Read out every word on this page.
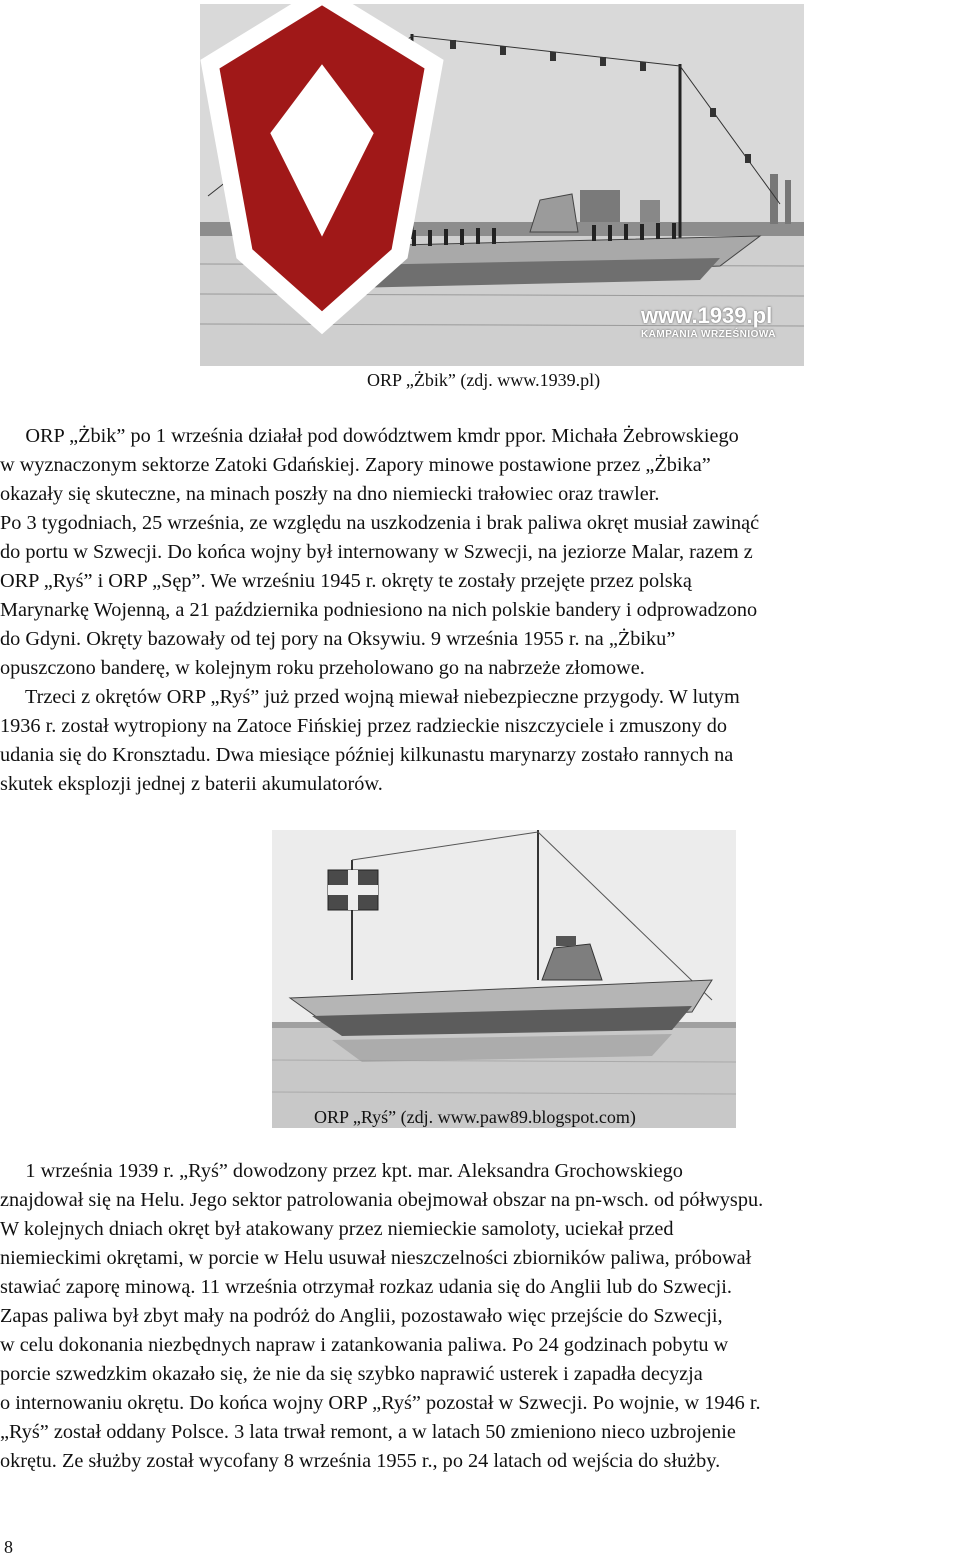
www.1939.pl
KAMPANIA WRZEŚNIOWA
ORP „Żbik” (zdj. www.1939.pl)
ORP „Żbik” po 1 września działał pod dowództwem kmdr ppor. Michała Żebrowskiego
w wyznaczonym sektorze Zatoki Gdańskiej. Zapory minowe postawione przez „Żbika”
okazały się skuteczne, na minach poszły na dno niemiecki trałowiec oraz trawler.
Po 3 tygodniach, 25 września, ze względu na uszkodzenia i brak paliwa okręt musiał zawinąć
do portu w Szwecji. Do końca wojny był internowany w Szwecji, na jeziorze Malar, razem z
ORP „Ryś” i ORP „Sęp”. We wrześniu 1945 r. okręty te zostały przejęte przez polską
Marynarkę Wojenną, a 21 października podniesiono na nich polskie bandery i odprowadzono
do Gdyni. Okręty bazowały od tej pory na Oksywiu. 9 września 1955 r. na „Żbiku”
opuszczono banderę, w kolejnym roku przeholowano go na nabrzeże złomowe.
Trzeci z okrętów ORP „Ryś” już przed wojną miewał niebezpieczne przygody. W lutym
1936 r. został wytropiony na Zatoce Fińskiej przez radzieckie niszczyciele i zmuszony do
udania się do Kronsztadu. Dwa miesiące później kilkunastu marynarzy zostało rannych na
skutek eksplozji jednej z baterii akumulatorów.
ORP „Ryś” (zdj. www.paw89.blogspot.com)
1 września 1939 r. „Ryś” dowodzony przez kpt. mar. Aleksandra Grochowskiego
znajdował się na Helu. Jego sektor patrolowania obejmował obszar na pn-wsch. od półwyspu.
W kolejnych dniach okręt był atakowany przez niemieckie samoloty, uciekał przed
niemieckimi okrętami, w porcie w Helu usuwał nieszczelności zbiorników paliwa, próbował
stawiać zaporę minową. 11 września otrzymał rozkaz udania się do Anglii lub do Szwecji.
Zapas paliwa był zbyt mały na podróż do Anglii, pozostawało więc przejście do Szwecji,
w celu dokonania niezbędnych napraw i zatankowania paliwa. Po 24 godzinach pobytu w
porcie szwedzkim okazało się, że nie da się szybko naprawić usterek i zapadła decyzja
o internowaniu okrętu. Do końca wojny ORP „Ryś” pozostał w Szwecji. Po wojnie, w 1946 r.
„Ryś” został oddany Polsce. 3 lata trwał remont, a w latach 50 zmieniono nieco uzbrojenie
okrętu. Ze służby został wycofany 8 września 1955 r., po 24 latach od wejścia do służby.
8
